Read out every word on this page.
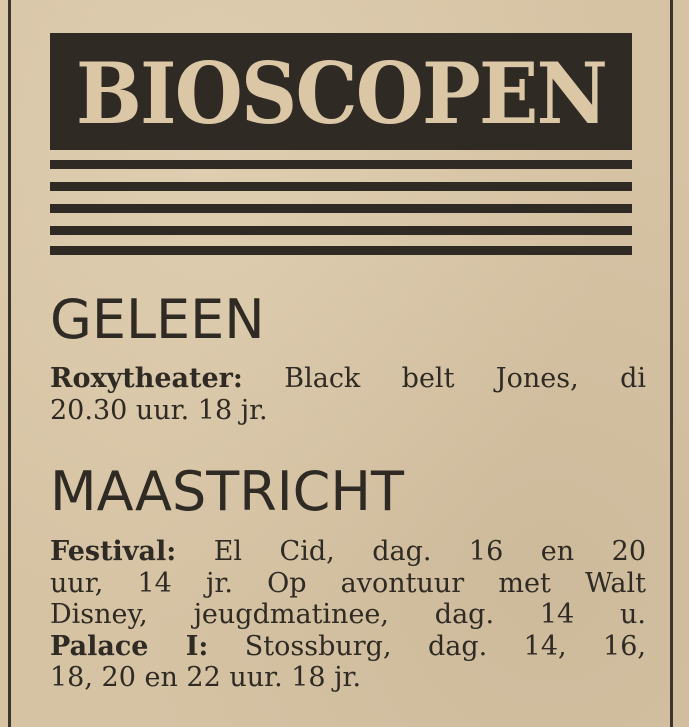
BIOSCOPEN
GELEEN
Roxytheater: Black belt Jones, di
20.30 uur. 18 jr.
MAASTRICHT
Festival: El Cid, dag. 16 en 20
uur, 14 jr. Op avontuur met Walt
Disney, jeugdmatinee, dag. 14 u.
Palace I: Stossburg, dag. 14, 16,
18, 20 en 22 uur. 18 jr.
